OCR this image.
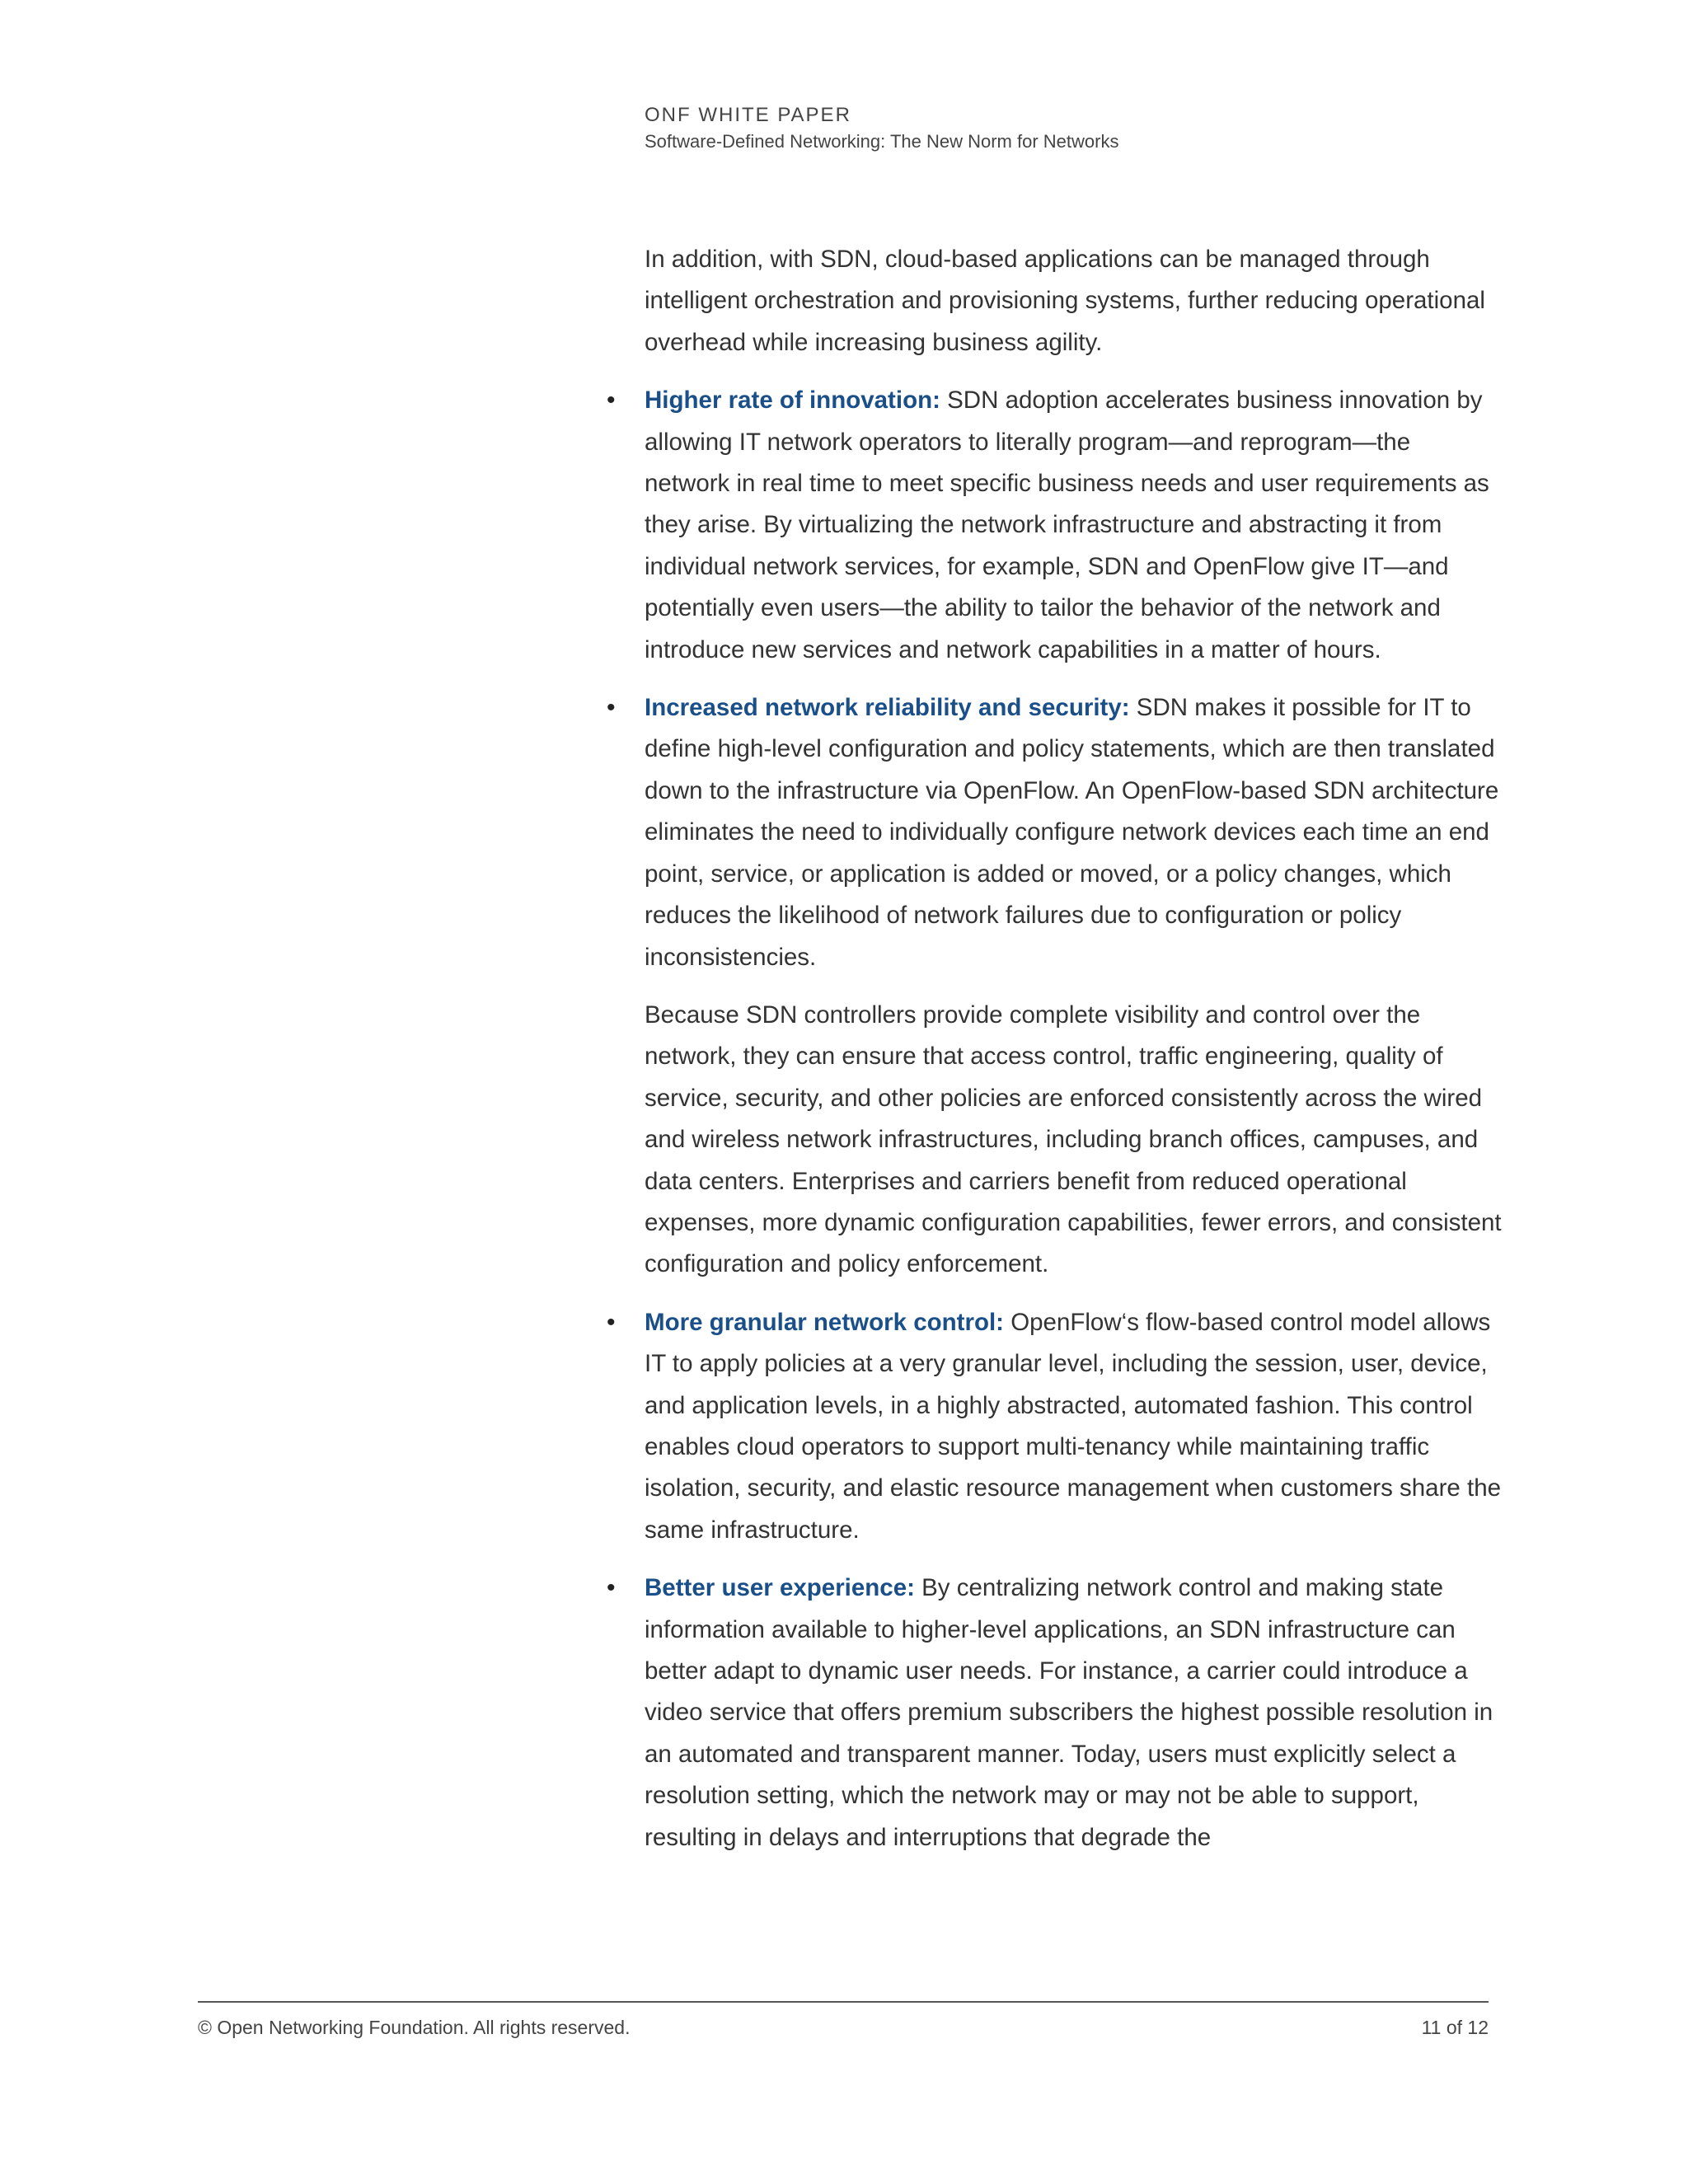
ONF WHITE PAPER

Software-Defined Networking: The New Norm for Networks

In addition, with SDN, cloud-based applications can be managed through intelligent orchestration and provisioning systems, further reducing operational overhead while increasing business agility.

• Higher rate of innovation: SDN adoption accelerates business innovation by allowing IT network operators to literally program—and reprogram—the network in real time to meet specific business needs and user requirements as they arise. By virtualizing the network infrastructure and abstracting it from individual network services, for example, SDN and OpenFlow give IT—and potentially even users—the ability to tailor the behavior of the network and introduce new services and network capabilities in a matter of hours.
• Increased network reliability and security: SDN makes it possible for IT to define high-level configuration and policy statements, which are then translated down to the infrastructure via OpenFlow. An OpenFlow-based SDN architecture eliminates the need to individually configure network devices each time an end point, service, or application is added or moved, or a policy changes, which reduces the likelihood of network failures due to configuration or policy inconsistencies.

Because SDN controllers provide complete visibility and control over the network, they can ensure that access control, traffic engineering, quality of service, security, and other policies are enforced consistently across the wired and wireless network infrastructures, including branch offices, campuses, and data centers. Enterprises and carriers benefit from reduced operational expenses, more dynamic configuration capabilities, fewer errors, and consistent configuration and policy enforcement.

• More granular network control: OpenFlow‘s flow-based control model allows IT to apply policies at a very granular level, including the session, user, device, and application levels, in a highly abstracted, automated fashion. This control enables cloud operators to support multi-tenancy while maintaining traffic isolation, security, and elastic resource management when customers share the same infrastructure.
• Better user experience: By centralizing network control and making state information available to higher-level applications, an SDN infrastructure can better adapt to dynamic user needs. For instance, a carrier could introduce a video service that offers premium subscribers the highest possible resolution in an automated and transparent manner. Today, users must explicitly select a resolution setting, which the network may or may not be able to support, resulting in delays and interruptions that degrade the
© Open Networking Foundation. All rights reserved.	11 of 12
